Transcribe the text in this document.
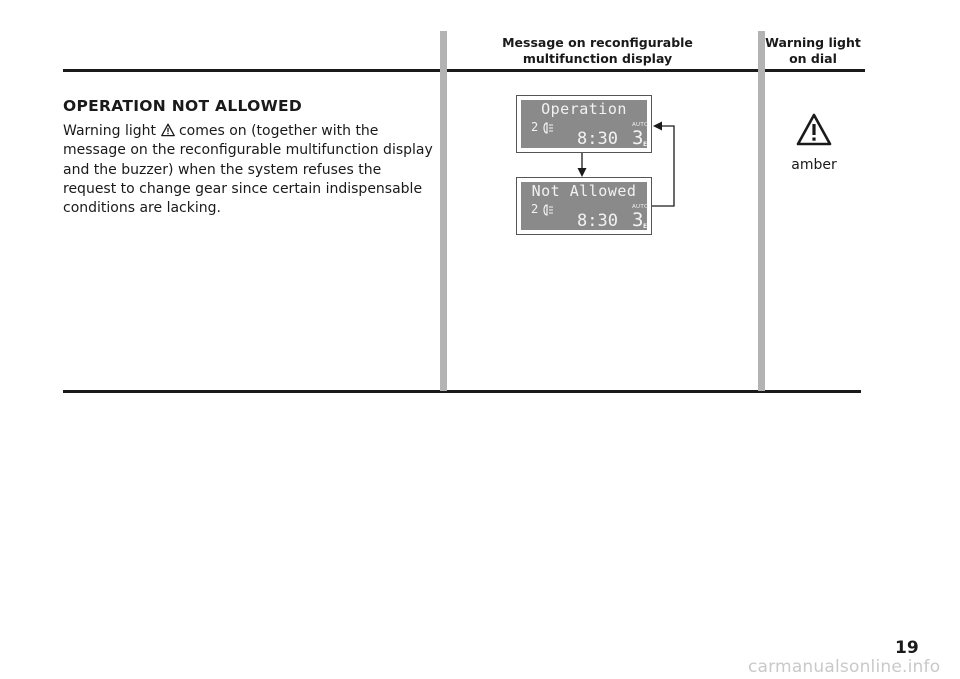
Message on reconfigurable
multifunction display
Warning light
on dial
OPERATION NOT ALLOWED
Warning light  comes on (together with the message on the reconfigurable multifunction display and the buzzer) when the system refuses the request to change gear since certain indispensable conditions are lacking.
Operation
2	AUTO
8:30 3 E
Not Allowed
2	AUTO
8:30 3 E
amber
19
carmanualsonline.info
